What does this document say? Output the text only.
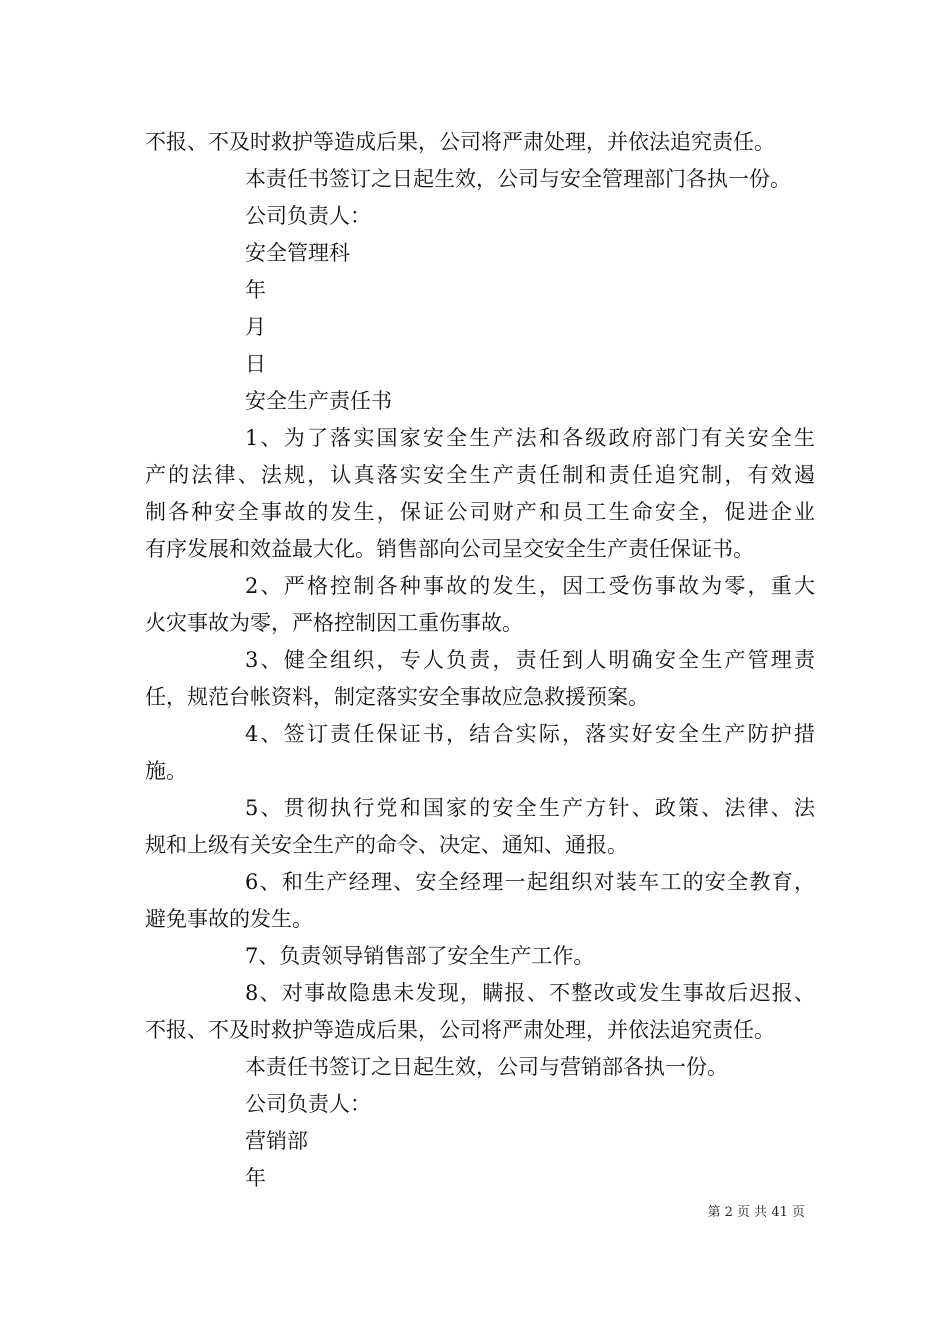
不报、不及时救护等造成后果，公司将严肃处理，并依法追究责任。
本责任书签订之日起生效，公司与安全管理部门各执一份。
公司负责人：
安全管理科
年
月
日
安全生产责任书
1、为了落实国家安全生产法和各级政府部门有关安全生
产的法律、法规，认真落实安全生产责任制和责任追究制，有效遏
制各种安全事故的发生，保证公司财产和员工生命安全，促进企业
有序发展和效益最大化。销售部向公司呈交安全生产责任保证书。
2、严格控制各种事故的发生，因工受伤事故为零，重大
火灾事故为零，严格控制因工重伤事故。
3、健全组织，专人负责，责任到人明确安全生产管理责
任，规范台帐资料，制定落实安全事故应急救援预案。
4、签订责任保证书，结合实际，落实好安全生产防护措
施。
5、贯彻执行党和国家的安全生产方针、政策、法律、法
规和上级有关安全生产的命令、决定、通知、通报。
6、和生产经理、安全经理一起组织对装车工的安全教育，
避免事故的发生。
7、负责领导销售部了安全生产工作。
8、对事故隐患未发现，瞒报、不整改或发生事故后迟报、
不报、不及时救护等造成后果，公司将严肃处理，并依法追究责任。
本责任书签订之日起生效，公司与营销部各执一份。
公司负责人：
营销部
年
第 2 页 共 41 页
